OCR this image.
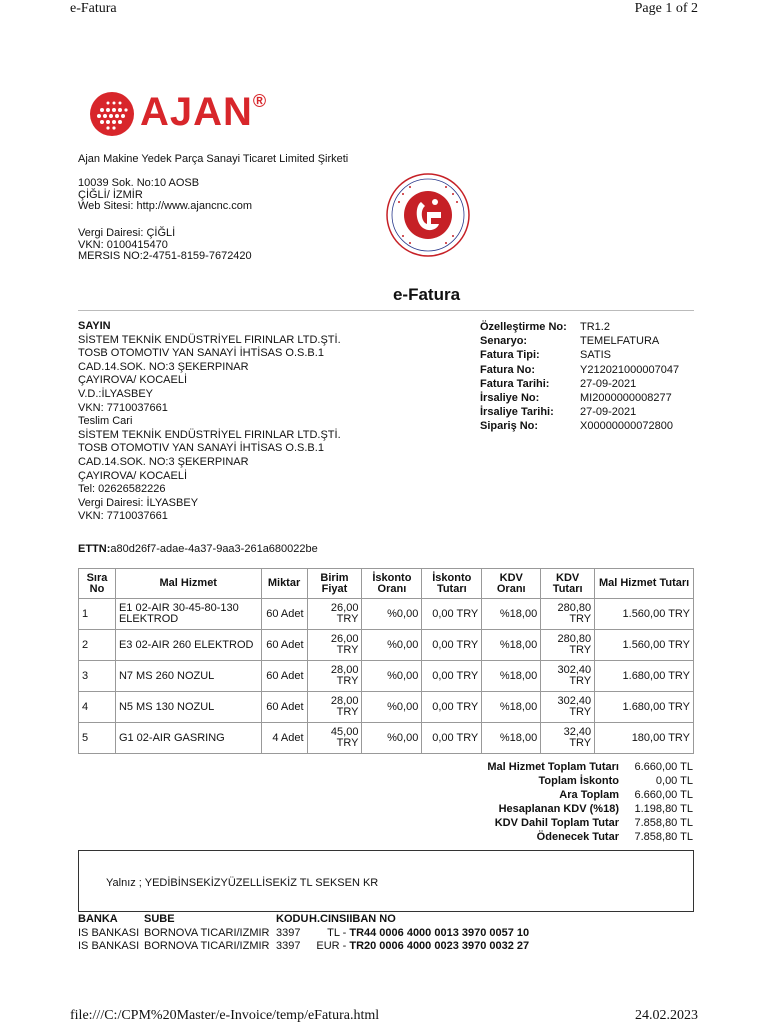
e-Fatura	Page 1 of 2
AJAN®
Ajan Makine Yedek Parça Sanayi Ticaret Limited Şirketi
10039 Sok. No:10 AOSB
ÇİĞLİ/ İZMİR
Web Sitesi: http://www.ajancnc.com
Vergi Dairesi: ÇİĞLİ
VKN: 0100415470
MERSIS NO:2-4751-8159-7672420
e-Fatura
SAYIN
SİSTEM TEKNİK ENDÜSTRİYEL FIRINLAR LTD.ŞTİ.
TOSB OTOMOTIV YAN SANAYİ İHTİSAS O.S.B.1
CAD.14.SOK. NO:3 ŞEKERPINAR
ÇAYIROVA/ KOCAELİ
V.D.:İLYASBEY
VKN: 7710037661
Teslim Cari
SİSTEM TEKNİK ENDÜSTRİYEL FIRINLAR LTD.ŞTİ.
TOSB OTOMOTIV YAN SANAYİ İHTİSAS O.S.B.1
CAD.14.SOK. NO:3 ŞEKERPINAR
ÇAYIROVA/ KOCAELİ
Tel: 02626582226
Vergi Dairesi: İLYASBEY
VKN: 7710037661
Özelleştirme No:	TR1.2
Senaryo:	TEMELFATURA
Fatura Tipi:	SATIS
Fatura No:	Y212021000007047
Fatura Tarihi:	27-09-2021
İrsaliye No:	MI2000000008277
İrsaliye Tarihi:	27-09-2021
Sipariş No:	X00000000072800
ETTN:a80d26f7-adae-4a37-9aa3-261a680022be
Sıra No	Mal Hizmet	Miktar	Birim Fiyat	İskonto Oranı	İskonto Tutarı	KDV Oranı	KDV Tutarı	Mal Hizmet Tutarı
1	E1 02-AIR 30-45-80-130 ELEKTROD	60 Adet	26,00 TRY	%0,00	0,00 TRY	%18,00	280,80 TRY	1.560,00 TRY
2	E3 02-AIR 260 ELEKTROD	60 Adet	26,00 TRY	%0,00	0,00 TRY	%18,00	280,80 TRY	1.560,00 TRY
3	N7 MS 260 NOZUL	60 Adet	28,00 TRY	%0,00	0,00 TRY	%18,00	302,40 TRY	1.680,00 TRY
4	N5 MS 130 NOZUL	60 Adet	28,00 TRY	%0,00	0,00 TRY	%18,00	302,40 TRY	1.680,00 TRY
5	G1 02-AIR GASRING	4 Adet	45,00 TRY	%0,00	0,00 TRY	%18,00	32,40 TRY	180,00 TRY
Mal Hizmet Toplam Tutarı	6.660,00 TL
Toplam İskonto	0,00 TL
Ara Toplam	6.660,00 TL
Hesaplanan KDV (%18)	1.198,80 TL
KDV Dahil Toplam Tutar	7.858,80 TL
Ödenecek Tutar	7.858,80 TL
Yalnız ; YEDİBİNSEKİZYÜZELLİSEKİZ TL SEKSEN KR
BANKA	SUBE	KODU	H.CINSI	IBAN NO
IS BANKASI	BORNOVA TICARI/IZMIR	3397	TL -	TR44 0006 4000 0013 3970 0057 10
IS BANKASI	BORNOVA TICARI/IZMIR	3397	EUR -	TR20 0006 4000 0023 3970 0032 27
file:///C:/CPM%20Master/e-Invoice/temp/eFatura.html	24.02.2023
